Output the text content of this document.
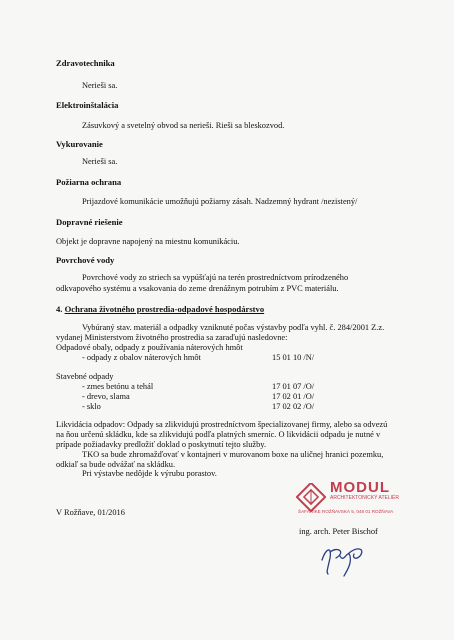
Zdravotechnika
Nerieši sa.
Elektroinštalácia
Zásuvkový a svetelný obvod sa nerieši. Rieši sa bleskozvod.
Vykurovanie
Nerieši sa.
Požiarna ochrana
Prijazdové komunikácie umožňujú požiarny zásah. Nadzemný hydrant /nezistený/
Dopravné riešenie
Objekt je dopravne napojený na miestnu komunikáciu.
Povrchové vody
Povrchové vody zo striech sa vypúšťajú na terén prostredníctvom prírodzeného
odkvapového systému a vsakovania do zeme drenážnym potrubím z PVC materiálu.
4. Ochrana životného prostredia-odpadové hospodárstvo
Vybúraný stav. materiál a odpadky vzniknuté počas výstavby podľa vyhl. č. 284/2001 Z.z.
vydanej Ministerstvom životného prostredia sa zaraďujú nasledovne:
Odpadové obaly, odpady z používania náterových hmôt
- odpady z obalov náterových hmôt	15 01 10 /N/
Stavebné odpady
- zmes betónu a tehál	17 01 07 /O/
- drevo, slama	17 02 01 /O/
- sklo	17 02 02 /O/
Likvidácia odpadov: Odpady sa zlikvidujú prostredníctvom špecializovanej firmy, alebo sa odvezú
na ňou určenú skládku, kde sa zlikvidujú podľa platných smerníc. O likvidácii odpadu je nutné v
prípade požiadavky predložiť doklad o poskytnutí tejto služby.
TKO sa bude zhromažďovať v kontajneri v murovanom boxe na uličnej hranici pozemku,
odkiaľ sa bude odvážať na skládku.
Pri výstavbe nedôjde k výrubu porastov.
V Rožňave, 01/2016
MODUL
ARCHITEKTONICKÝ ATELIÉR
ŠAFÁRIKE ROŽŇAVSKÁ 5, 048 01 ROŽŇAVA
ing. arch. Peter Bischof
